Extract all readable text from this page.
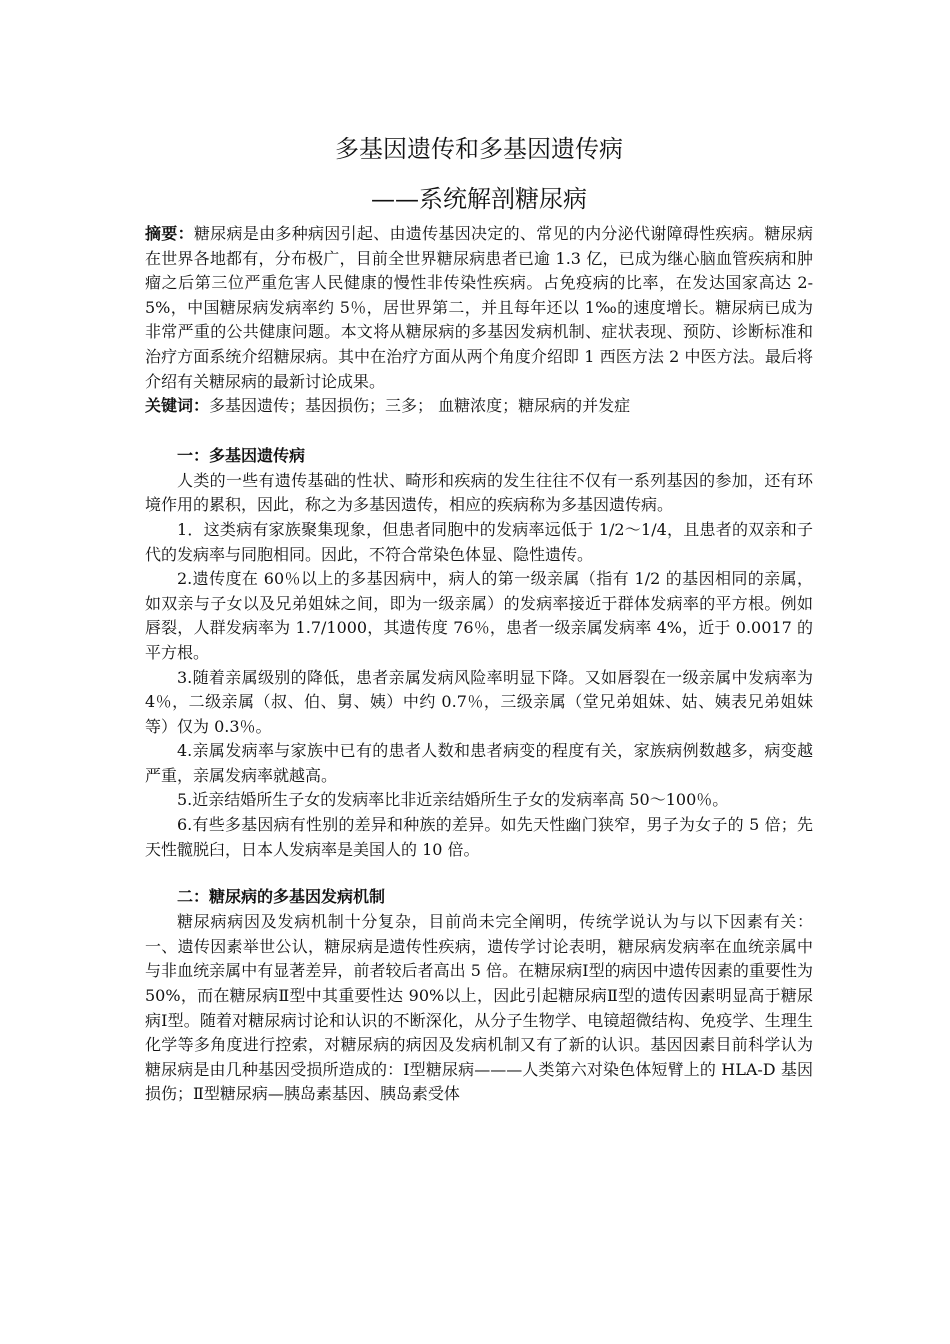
多基因遗传和多基因遗传病
——系统解剖糖尿病

摘要：糖尿病是由多种病因引起、由遗传基因决定的、常见的内分泌代谢障碍性疾病。糖尿病在世界各地都有，分布极广，目前全世界糖尿病患者已逾 1.3 亿，已成为继心脑血管疾病和肿瘤之后第三位严重危害人民健康的慢性非传染性疾病。占免疫病的比率，在发达国家高达 2-5%，中国糖尿病发病率约 5％，居世界第二，并且每年还以 1‰的速度增长。糖尿病已成为非常严重的公共健康问题。本文将从糖尿病的多基因发病机制、症状表现、预防、诊断标准和治疗方面系统介绍糖尿病。其中在治疗方面从两个角度介绍即 1 西医方法 2 中医方法。最后将介绍有关糖尿病的最新讨论成果。

关键词：多基因遗传；基因损伤；三多； 血糖浓度；糖尿病的并发症

一：多基因遗传病

人类的一些有遗传基础的性状、畸形和疾病的发生往往不仅有一系列基因的参加，还有环境作用的累积，因此，称之为多基因遗传，相应的疾病称为多基因遗传病。

1．这类病有家族聚集现象，但患者同胞中的发病率远低于 1/2～1/4，且患者的双亲和子代的发病率与同胞相同。因此，不符合常染色体显、隐性遗传。

2.遗传度在 60％以上的多基因病中，病人的第一级亲属（指有 1/2 的基因相同的亲属，如双亲与子女以及兄弟姐妹之间，即为一级亲属）的发病率接近于群体发病率的平方根。例如唇裂，人群发病率为 1.7/1000，其遗传度 76％，患者一级亲属发病率 4%，近于 0.0017 的平方根。

3.随着亲属级别的降低，患者亲属发病风险率明显下降。又如唇裂在一级亲属中发病率为 4％，二级亲属（叔、伯、舅、姨）中约 0.7％，三级亲属（堂兄弟姐妹、姑、姨表兄弟姐妹等）仅为 0.3％。

4.亲属发病率与家族中已有的患者人数和患者病变的程度有关，家族病例数越多，病变越严重，亲属发病率就越高。

5.近亲结婚所生子女的发病率比非近亲结婚所生子女的发病率高 50～100％。

6.有些多基因病有性别的差异和种族的差异。如先天性幽门狭窄，男子为女子的 5 倍；先天性髋脱臼，日本人发病率是美国人的 10 倍。

二：糖尿病的多基因发病机制

糖尿病病因及发病机制十分复杂，目前尚未完全阐明，传统学说认为与以下因素有关：一、遗传因素举世公认，糖尿病是遗传性疾病，遗传学讨论表明，糖尿病发病率在血统亲属中与非血统亲属中有显著差异，前者较后者高出 5 倍。在糖尿病Ⅰ型的病因中遗传因素的重要性为 50%，而在糖尿病Ⅱ型中其重要性达 90%以上，因此引起糖尿病Ⅱ型的遗传因素明显高于糖尿病Ⅰ型。随着对糖尿病讨论和认识的不断深化，从分子生物学、电镜超微结构、免疫学、生理生化学等多角度进行控索，对糖尿病的病因及发病机制又有了新的认识。基因因素目前科学认为糖尿病是由几种基因受损所造成的：Ⅰ型糖尿病———人类第六对染色体短臂上的 HLA-D 基因损伤；Ⅱ型糖尿病—胰岛素基因、胰岛素受体
